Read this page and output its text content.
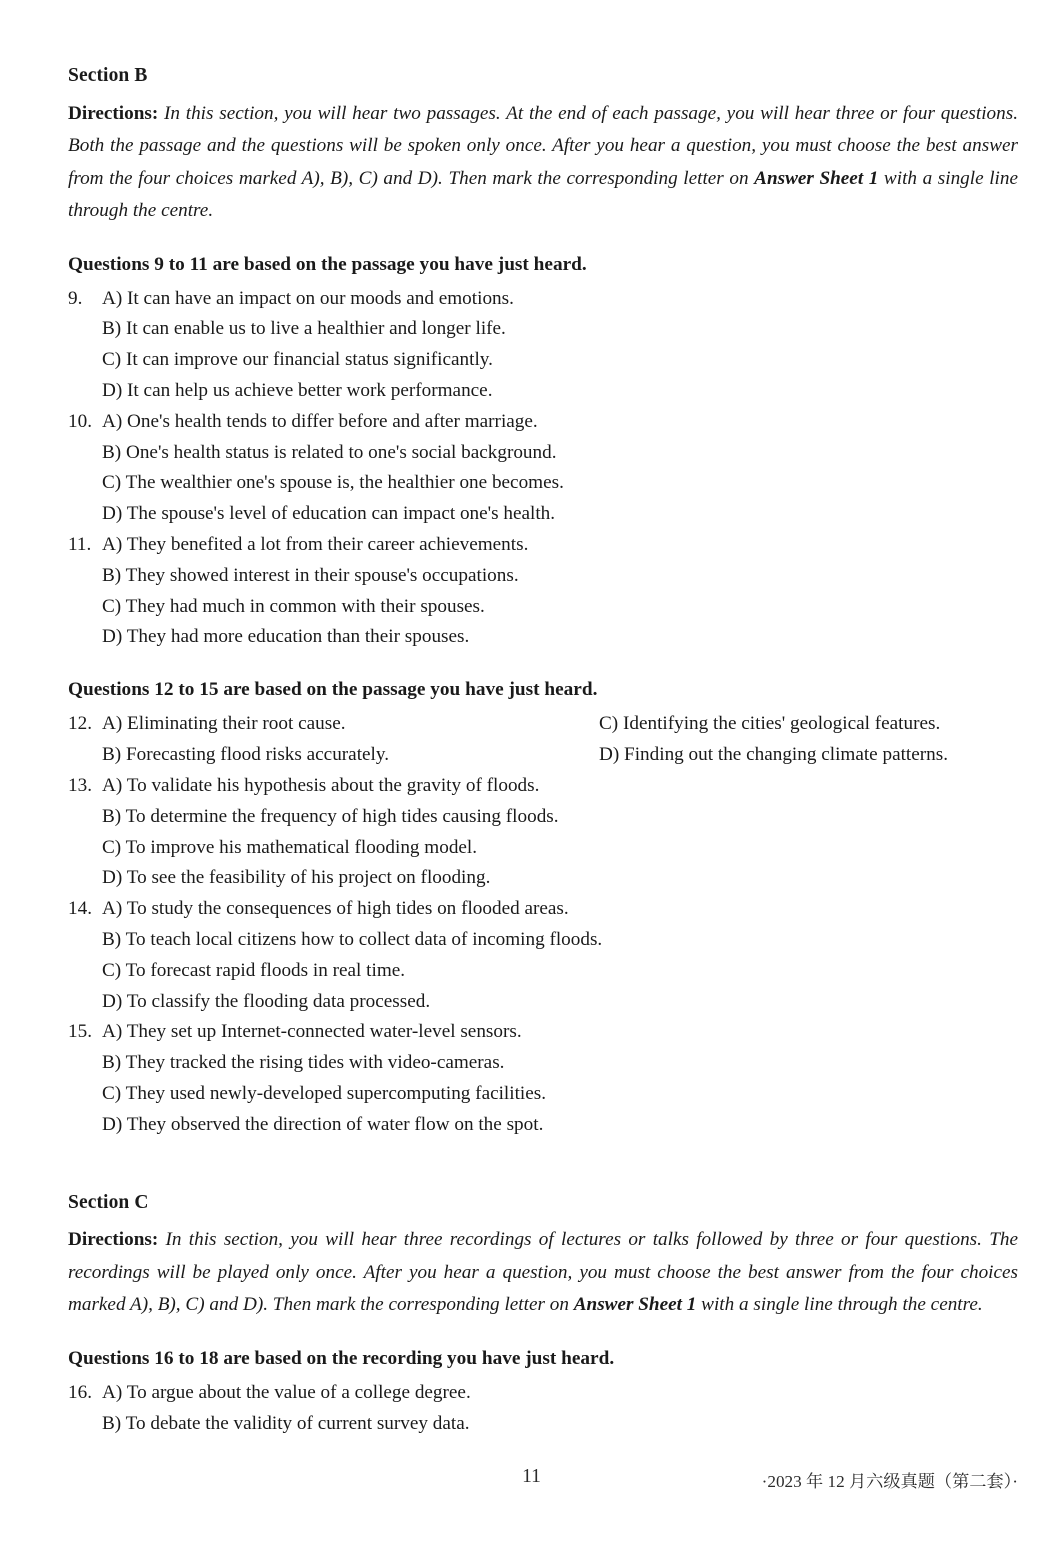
Section B

Directions: In this section, you will hear two passages. At the end of each passage, you will hear three or four questions. Both the passage and the questions will be spoken only once. After you hear a question, you must choose the best answer from the four choices marked A), B), C) and D). Then mark the corresponding letter on Answer Sheet 1 with a single line through the centre.

Questions 9 to 11 are based on the passage you have just heard.
9.	A) It can have an impact on our moods and emotions.
B) It can enable us to live a healthier and longer life.
C) It can improve our financial status significantly.
D) It can help us achieve better work performance.
10. A) One's health tends to differ before and after marriage.
B) One's health status is related to one's social background.
C) The wealthier one's spouse is, the healthier one becomes.
D) The spouse's level of education can impact one's health.
11. A) They benefited a lot from their career achievements.
B) They showed interest in their spouse's occupations.
C) They had much in common with their spouses.
D) They had more education than their spouses.
Questions 12 to 15 are based on the passage you have just heard.
12. A) Eliminating their root cause.	C) Identifying the cities' geological features.
B) Forecasting flood risks accurately.	D) Finding out the changing climate patterns.
13. A) To validate his hypothesis about the gravity of floods.
B) To determine the frequency of high tides causing floods.
C) To improve his mathematical flooding model.
D) To see the feasibility of his project on flooding.
14. A) To study the consequences of high tides on flooded areas.
B) To teach local citizens how to collect data of incoming floods.
C) To forecast rapid floods in real time.
D) To classify the flooding data processed.
15. A) They set up Internet-connected water-level sensors.
B) They tracked the rising tides with video-cameras.
C) They used newly-developed supercomputing facilities.
D) They observed the direction of water flow on the spot.
Section C

Directions: In this section, you will hear three recordings of lectures or talks followed by three or four questions. The recordings will be played only once. After you hear a question, you must choose the best answer from the four choices marked A), B), C) and D). Then mark the corresponding letter on Answer Sheet 1 with a single line through the centre.

Questions 16 to 18 are based on the recording you have just heard.
16. A) To argue about the value of a college degree.
B) To debate the validity of current survey data.
11	·2023 年 12 月六级真题（第二套）·
